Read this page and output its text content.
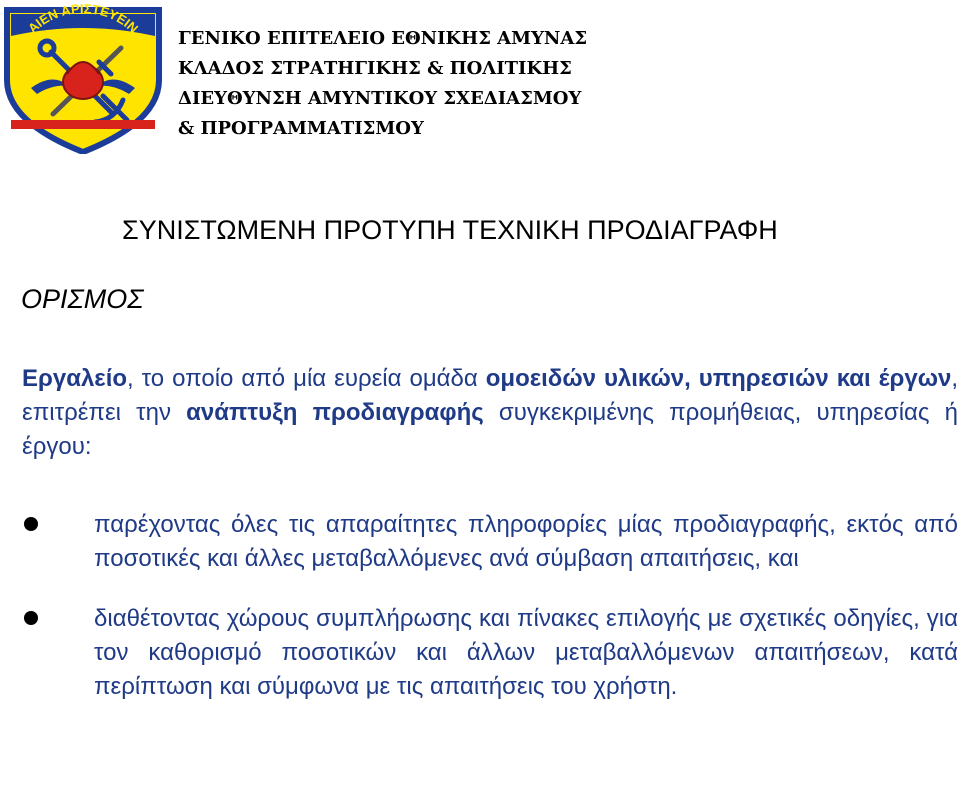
ΑΙΕΝ ΑΡΙΣΤΕΥΕΙΝ
ΓΕΝΙΚΟ ΕΠΙΤΕΛΕΙΟ ΕΘΝΙΚΗΣ ΑΜΥΝΑΣ
ΚΛΑΔΟΣ ΣΤΡΑΤΗΓΙΚΗΣ & ΠΟΛΙΤΙΚΗΣ
ΔΙΕΥΘΥΝΣΗ ΑΜΥΝΤΙΚΟΥ ΣΧΕΔΙΑΣΜΟΥ
& ΠΡΟΓΡΑΜΜΑΤΙΣΜΟΥ
ΣΥΝΙΣΤΩΜΕΝΗ ΠΡΟΤΥΠΗ ΤΕΧΝΙΚΗ ΠΡΟΔΙΑΓΡΑΦΗ
ΟΡΙΣΜΟΣ

Εργαλείο, το οποίο από μία ευρεία ομάδα ομοειδών υλικών, υπηρεσιών και έργων, επιτρέπει την ανάπτυξη προδιαγραφής συγκεκριμένης προμήθειας, υπηρεσίας ή έργου:

παρέχοντας όλες τις απαραίτητες πληροφορίες μίας προδιαγραφής, εκτός από ποσοτικές και άλλες μεταβαλλόμενες ανά σύμβαση απαιτήσεις, και
διαθέτοντας χώρους συμπλήρωσης και πίνακες επιλογής με σχετικές οδηγίες, για τον καθορισμό ποσοτικών και άλλων μεταβαλλόμενων απαιτήσεων, κατά περίπτωση και σύμφωνα με τις απαιτήσεις του χρήστη.
